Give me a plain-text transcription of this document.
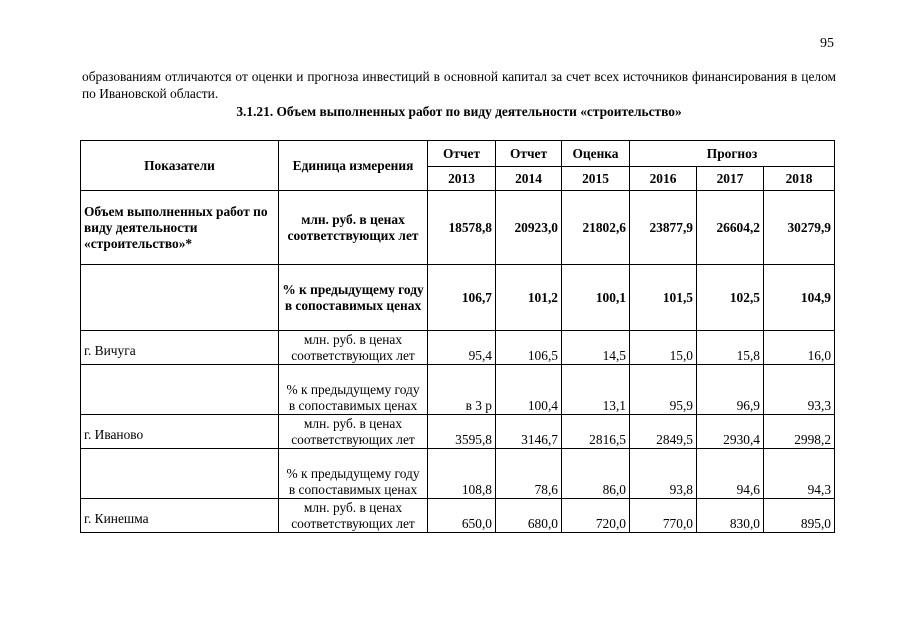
95
образованиям отличаются от оценки и прогноза инвестиций в основной капитал за счет всех источников финансирования в целом по Ивановской области.
3.1.21. Объем выполненных работ по виду деятельности «строительство»
Показатели	Единица измерения	Отчет	Отчет	Оценка	Прогноз		
		2013	2014	2015	2016	2017	2018
Объем выполненных работ по виду деятельности «строительство»*	млн. руб. в ценах соответствующих лет	18578,8	20923,0	21802,6	23877,9	26604,2	30279,9
	% к предыдущему году в сопоставимых ценах	106,7	101,2	100,1	101,5	102,5	104,9
г. Вичуга	млн. руб. в ценах соответствующих лет	95,4	106,5	14,5	15,0	15,8	16,0
	% к предыдущему году в сопоставимых ценах	в 3 р	100,4	13,1	95,9	96,9	93,3
г. Иваново	млн. руб. в ценах соответствующих лет	3595,8	3146,7	2816,5	2849,5	2930,4	2998,2
	% к предыдущему году в сопоставимых ценах	108,8	78,6	86,0	93,8	94,6	94,3
г. Кинешма	млн. руб. в ценах соответствующих лет	650,0	680,0	720,0	770,0	830,0	895,0
